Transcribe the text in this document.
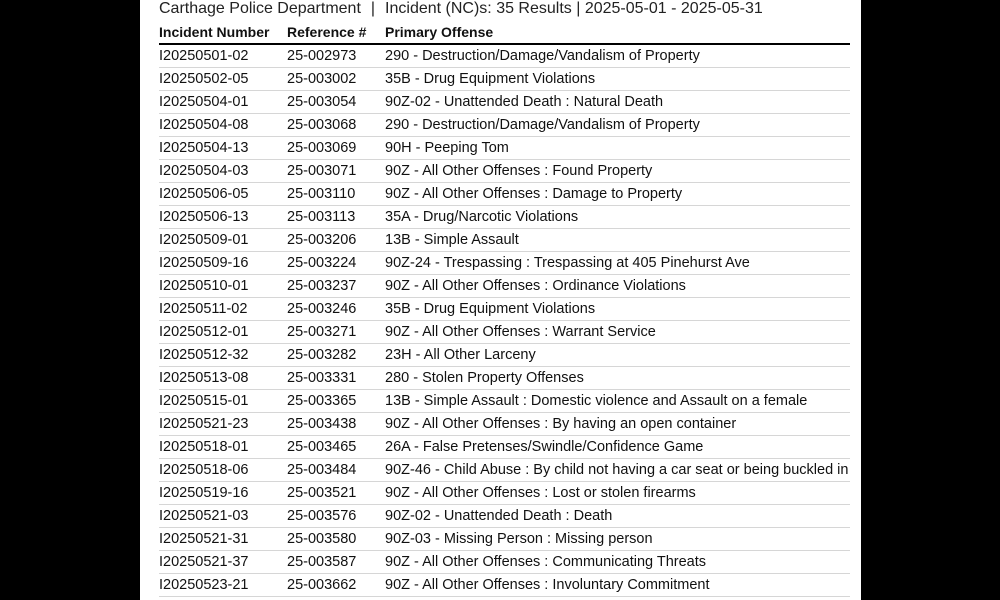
Carthage Police Department | Incident (NC)s: 35 Results | 2025-05-01 - 2025-05-31
Incident Number	Reference #	Primary Offense
I20250501-02	25-002973	290 - Destruction/Damage/Vandalism of Property
I20250502-05	25-003002	35B - Drug Equipment Violations
I20250504-01	25-003054	90Z-02 - Unattended Death : Natural Death
I20250504-08	25-003068	290 - Destruction/Damage/Vandalism of Property
I20250504-13	25-003069	90H - Peeping Tom
I20250504-03	25-003071	90Z - All Other Offenses : Found Property
I20250506-05	25-003110	90Z - All Other Offenses : Damage to Property
I20250506-13	25-003113	35A - Drug/Narcotic Violations
I20250509-01	25-003206	13B - Simple Assault
I20250509-16	25-003224	90Z-24 - Trespassing : Trespassing at 405 Pinehurst Ave
I20250510-01	25-003237	90Z - All Other Offenses : Ordinance Violations
I20250511-02	25-003246	35B - Drug Equipment Violations
I20250512-01	25-003271	90Z - All Other Offenses : Warrant Service
I20250512-32	25-003282	23H - All Other Larceny
I20250513-08	25-003331	280 - Stolen Property Offenses
I20250515-01	25-003365	13B - Simple Assault : Domestic violence and Assault on a female
I20250521-23	25-003438	90Z - All Other Offenses : By having an open container
I20250518-01	25-003465	26A - False Pretenses/Swindle/Confidence Game
I20250518-06	25-003484	90Z-46 - Child Abuse : By child not having a car seat or being buckled in
I20250519-16	25-003521	90Z - All Other Offenses : Lost or stolen firearms
I20250521-03	25-003576	90Z-02 - Unattended Death : Death
I20250521-31	25-003580	90Z-03 - Missing Person : Missing person
I20250521-37	25-003587	90Z - All Other Offenses : Communicating Threats
I20250523-21	25-003662	90Z - All Other Offenses : Involuntary Commitment
